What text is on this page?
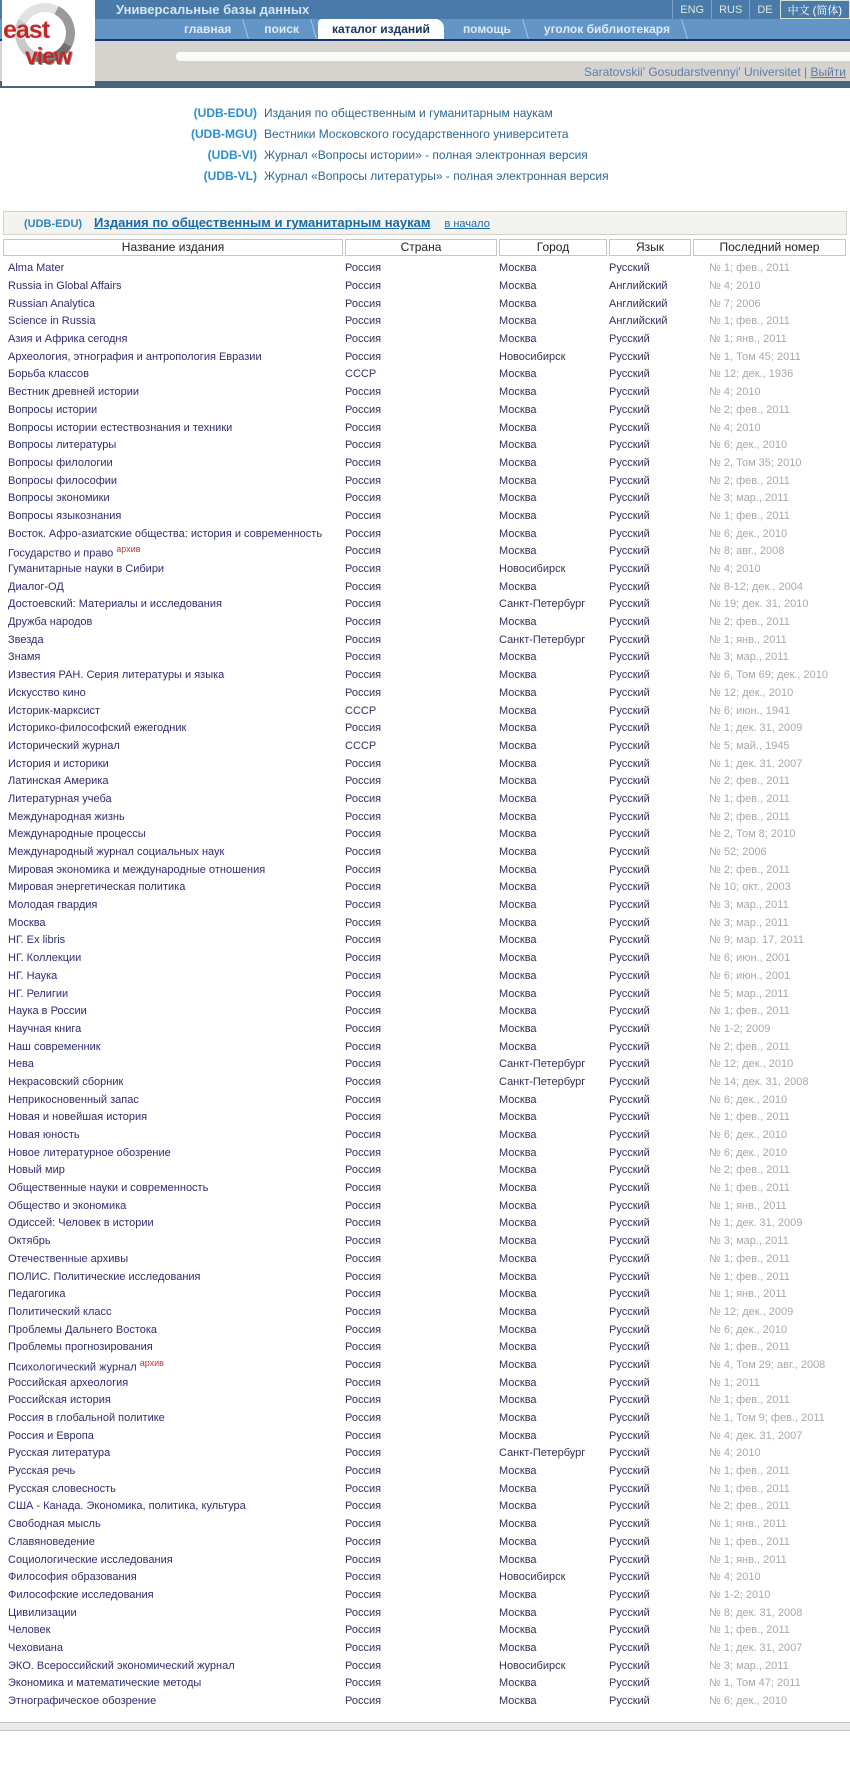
Универсальные базы данных	ENG	RUS	DE	中文 (简体)
главная	поиск	каталог изданий	помощь	уголок библиотекаря
Saratovskii' Gosudarstvennyi' Universitet | Выйти
east
view
(UDB-EDU) Издания по общественным и гуманитарным наукам
(UDB-MGU) Вестники Московского государственного университета
(UDB-VI) Журнал «Вопросы истории» - полная электронная версия
(UDB-VL) Журнал «Вопросы литературы» - полная электронная версия
(UDB-EDU) Издания по общественным и гуманитарным наукам в начало
Название издания	Страна	Город	Язык	Последний номер
Alma Mater	Россия	Москва	Русский	№ 1; фев., 2011
Russia in Global Affairs	Россия	Москва	Английский	№ 4; 2010
Russian Analytica	Россия	Москва	Английский	№ 7; 2006
Science in Russia	Россия	Москва	Английский	№ 1; фев., 2011
Азия и Африка сегодня	Россия	Москва	Русский	№ 1; янв., 2011
Археология, этнография и антропология Евразии	Россия	Новосибирск	Русский	№ 1, Том 45; 2011
Борьба классов	СССР	Москва	Русский	№ 12; дек., 1936
Вестник древней истории	Россия	Москва	Русский	№ 4; 2010
Вопросы истории	Россия	Москва	Русский	№ 2; фев., 2011
Вопросы истории естествознания и техники	Россия	Москва	Русский	№ 4; 2010
Вопросы литературы	Россия	Москва	Русский	№ 6; дек., 2010
Вопросы филологии	Россия	Москва	Русский	№ 2, Том 35; 2010
Вопросы философии	Россия	Москва	Русский	№ 2; фев., 2011
Вопросы экономики	Россия	Москва	Русский	№ 3; мар., 2011
Вопросы языкознания	Россия	Москва	Русский	№ 1; фев., 2011
Восток. Афро-азиатские общества: история и современность	Россия	Москва	Русский	№ 6; дек., 2010
Государство и право $^{архив}$	Россия	Москва	Русский	№ 8; авг., 2008
Гуманитарные науки в Сибири	Россия	Новосибирск	Русский	№ 4; 2010
Диалог-ОД	Россия	Москва	Русский	№ 8-12; дек., 2004
Достоевский: Материалы и исследования	Россия	Санкт-Петербург	Русский	№ 19; дек. 31, 2010
Дружба народов	Россия	Москва	Русский	№ 2; фев., 2011
Звезда	Россия	Санкт-Петербург	Русский	№ 1; янв., 2011
Знамя	Россия	Москва	Русский	№ 3; мар., 2011
Известия РАН. Серия литературы и языка	Россия	Москва	Русский	№ 6, Том 69; дек., 2010
Искусство кино	Россия	Москва	Русский	№ 12; дек., 2010
Историк-марксист	СССР	Москва	Русский	№ 6; июн., 1941
Историко-философский ежегодник	Россия	Москва	Русский	№ 1; дек. 31, 2009
Исторический журнал	СССР	Москва	Русский	№ 5; май., 1945
История и историки	Россия	Москва	Русский	№ 1; дек. 31, 2007
Латинская Америка	Россия	Москва	Русский	№ 2; фев., 2011
Литературная учеба	Россия	Москва	Русский	№ 1; фев., 2011
Международная жизнь	Россия	Москва	Русский	№ 2; фев., 2011
Международные процессы	Россия	Москва	Русский	№ 2, Том 8; 2010
Международный журнал социальных наук	Россия	Москва	Русский	№ 52; 2006
Мировая экономика и международные отношения	Россия	Москва	Русский	№ 2; фев., 2011
Мировая энергетическая политика	Россия	Москва	Русский	№ 10; окт., 2003
Молодая гвардия	Россия	Москва	Русский	№ 3; мар., 2011
Москва	Россия	Москва	Русский	№ 3; мар., 2011
НГ. Ex libris	Россия	Москва	Русский	№ 9; мар. 17, 2011
НГ. Коллекции	Россия	Москва	Русский	№ 6; июн., 2001
НГ. Наука	Россия	Москва	Русский	№ 6; июн., 2001
НГ. Религии	Россия	Москва	Русский	№ 5; мар., 2011
Наука в России	Россия	Москва	Русский	№ 1; фев., 2011
Научная книга	Россия	Москва	Русский	№ 1-2; 2009
Наш современник	Россия	Москва	Русский	№ 2; фев., 2011
Нева	Россия	Санкт-Петербург	Русский	№ 12; дек., 2010
Некрасовский сборник	Россия	Санкт-Петербург	Русский	№ 14; дек. 31, 2008
Неприкосновенный запас	Россия	Москва	Русский	№ 6; дек., 2010
Новая и новейшая история	Россия	Москва	Русский	№ 1; фев., 2011
Новая юность	Россия	Москва	Русский	№ 6; дек., 2010
Новое литературное обозрение	Россия	Москва	Русский	№ 6; дек., 2010
Новый мир	Россия	Москва	Русский	№ 2; фев., 2011
Общественные науки и современность	Россия	Москва	Русский	№ 1; фев., 2011
Общество и экономика	Россия	Москва	Русский	№ 1; янв., 2011
Одиссей: Человек в истории	Россия	Москва	Русский	№ 1; дек. 31, 2009
Октябрь	Россия	Москва	Русский	№ 3; мар., 2011
Отечественные архивы	Россия	Москва	Русский	№ 1; фев., 2011
ПОЛИС. Политические исследования	Россия	Москва	Русский	№ 1; фев., 2011
Педагогика	Россия	Москва	Русский	№ 1; янв., 2011
Политический класс	Россия	Москва	Русский	№ 12; дек., 2009
Проблемы Дальнего Востока	Россия	Москва	Русский	№ 6; дек., 2010
Проблемы прогнозирования	Россия	Москва	Русский	№ 1; фев., 2011
Психологический журнал $^{архив}$	Россия	Москва	Русский	№ 4, Том 29; авг., 2008
Российская археология	Россия	Москва	Русский	№ 1; 2011
Российская история	Россия	Москва	Русский	№ 1; фев., 2011
Россия в глобальной политике	Россия	Москва	Русский	№ 1, Том 9; фев., 2011
Россия и Европа	Россия	Москва	Русский	№ 4; дек. 31, 2007
Русская литература	Россия	Санкт-Петербург	Русский	№ 4; 2010
Русская речь	Россия	Москва	Русский	№ 1; фев., 2011
Русская словесность	Россия	Москва	Русский	№ 1; фев., 2011
США - Канада. Экономика, политика, культура	Россия	Москва	Русский	№ 2; фев., 2011
Свободная мысль	Россия	Москва	Русский	№ 1; янв., 2011
Славяноведение	Россия	Москва	Русский	№ 1; фев., 2011
Социологические исследования	Россия	Москва	Русский	№ 1; янв., 2011
Философия образования	Россия	Новосибирск	Русский	№ 4; 2010
Философские исследования	Россия	Москва	Русский	№ 1-2; 2010
Цивилизации	Россия	Москва	Русский	№ 8; дек. 31, 2008
Человек	Россия	Москва	Русский	№ 1; фев., 2011
Чеховиана	Россия	Москва	Русский	№ 1; дек. 31, 2007
ЭКО. Всероссийский экономический журнал	Россия	Новосибирск	Русский	№ 3; мар., 2011
Экономика и математические методы	Россия	Москва	Русский	№ 1, Том 47; 2011
Этнографическое обозрение	Россия	Москва	Русский	№ 6; дек., 2010
